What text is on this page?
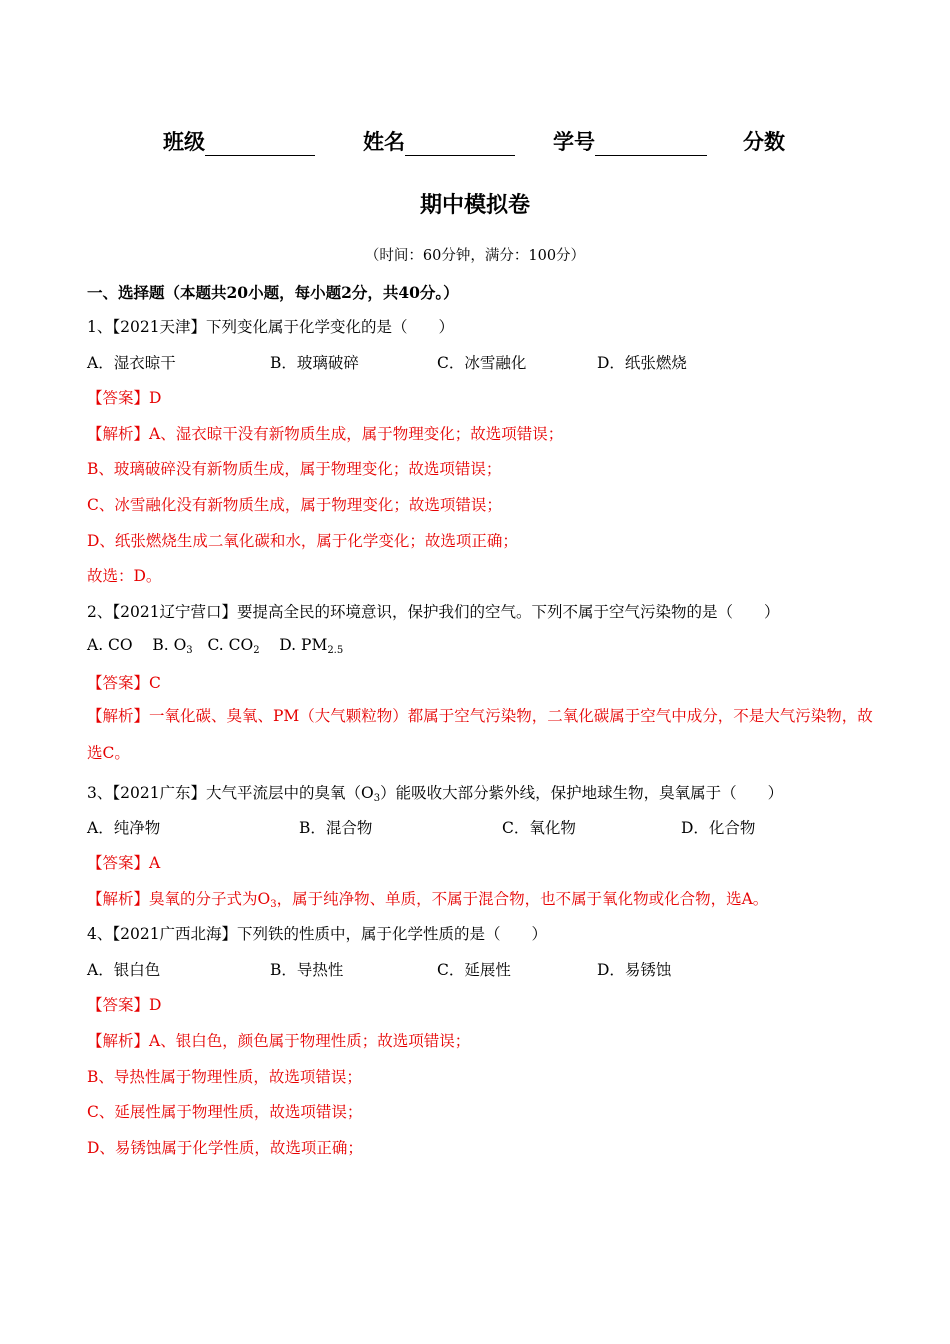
班级	姓名	学号	分数
期中模拟卷
（时间：60分钟，满分：100分）
一、选择题（本题共20小题，每小题2分，共40分。）
1、【2021天津】下列变化属于化学变化的是（　　）
A．湿衣晾干	B．玻璃破碎	C．冰雪融化	D．纸张燃烧
【答案】D
【解析】A、湿衣晾干没有新物质生成，属于物理变化；故选项错误；
B、玻璃破碎没有新物质生成，属于物理变化；故选项错误；
C、冰雪融化没有新物质生成，属于物理变化；故选项错误；
D、纸张燃烧生成二氧化碳和水，属于化学变化；故选项正确；
故选：D。
2、【2021辽宁营口】要提高全民的环境意识，保护我们的空气。下列不属于空气污染物的是（　　）
A. CO B. $O_3$ C. $CO_2$ D. $PM_{2.5}$
【答案】C
【解析】一氧化碳、臭氧、PM（大气颗粒物）都属于空气污染物，二氧化碳属于空气中成分，不是大气污染物，故选C。
3、【2021广东】大气平流层中的臭氧$(O_3)$能吸收大部分紫外线，保护地球生物，臭氧属于（　　）
A．纯净物	B．混合物	C．氧化物	D．化合物
【答案】A
【解析】臭氧的分子式为$O_3$，属于纯净物、单质，不属于混合物，也不属于氧化物或化合物，选A。
4、【2021广西北海】下列铁的性质中，属于化学性质的是（　　）
A．银白色	B．导热性	C．延展性	D．易锈蚀
【答案】D
【解析】A、银白色，颜色属于物理性质；故选项错误；
B、导热性属于物理性质，故选项错误；
C、延展性属于物理性质，故选项错误；
D、易锈蚀属于化学性质，故选项正确；
